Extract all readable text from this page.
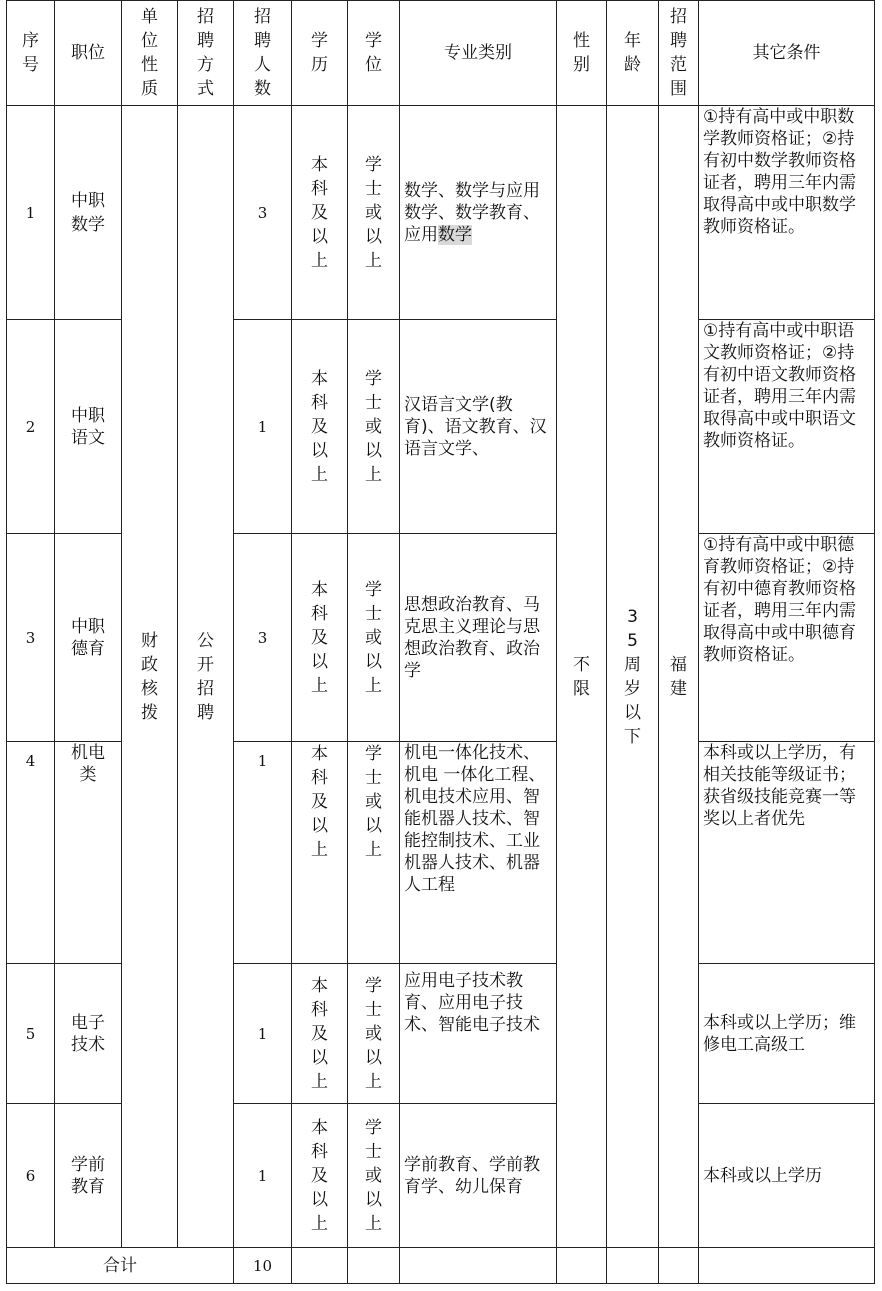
序号	职位	单位性质	招聘方式	招聘人数	学历	学位	专业类别	性别	年龄	招聘范围	其它条件
1	中职数学	财政核拨	公开招聘	3	本科及以上	学士或以上	数学、数学与应用数学、数学教育、应用数学	不限	35周岁以下	福建	①持有高中或中职数学教师资格证；②持有初中数学教师资格证者，聘用三年内需取得高中或中职数学教师资格证。
2	中职语文			1	本科及以上	学士或以上	汉语言文学(教育)、语文教育、汉语言文学、				①持有高中或中职语文教师资格证；②持有初中语文教师资格证者，聘用三年内需取得高中或中职语文教师资格证。
3	中职德育			3	本科及以上	学士或以上	思想政治教育、马克思主义理论与思想政治教育、政治学				①持有高中或中职德育教师资格证；②持有初中德育教师资格证者，聘用三年内需取得高中或中职德育教师资格证。
4	机电类			1	本科及以上	学士或以上	机电一体化技术、机电 一体化工程、机电技术应用、智能机器人技术、智能控制技术、工业机器人技术、机器人工程				本科或以上学历，有相关技能等级证书；获省级技能竞赛一等奖以上者优先
5	电子技术			1	本科及以上	学士或以上	应用电子技术教育、应用电子技术、智能电子技术				本科或以上学历；维修电工高级工
6	学前教育			1	本科及以上	学士或以上	学前教育、学前教育学、幼儿保育				本科或以上学历
合计				10							
